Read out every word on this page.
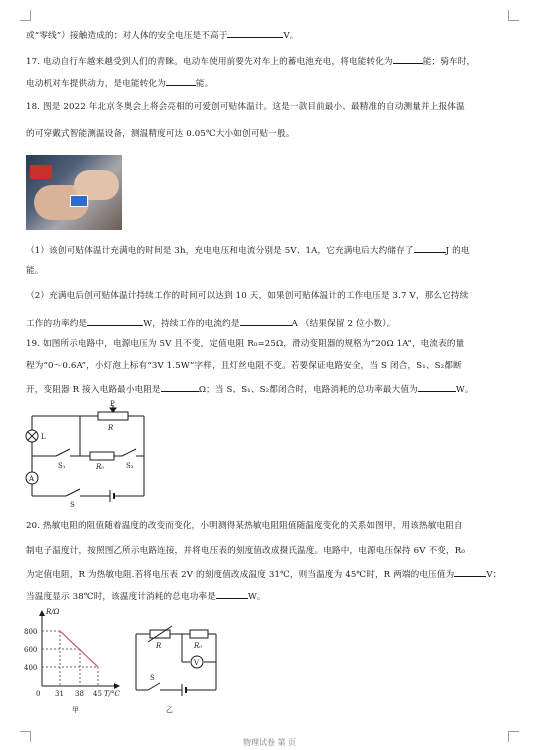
或“零线”）接触造成的；对人体的安全电压是不高于	V。
17. 电动自行车越来越受到人们的青睐。电动车使用前要先对车上的蓄电池充电，将电能转化为	能；骑车时，
电动机对车提供动力，是电能转化为	能。
18. 图是 2022 年北京冬奥会上将会亮相的可爱创可贴体温计。这是一款目前最小、最精准的自动测量并上报体温
的可穿戴式智能测温设备，测温精度可达 0.05℃大小如创可贴一般。
（1）该创可贴体温计充满电的时间是 3h，充电电压和电流分别是 5V、1A，它充满电后大约储存了	J 的电
能。
（2）充满电后创可贴体温计持续工作的时间可以达到 10 天，如果创可贴体温计的工作电压是 3.7 V，那么它持续
工作的功率约是	W，持续工作的电流约是	A （结果保留 2 位小数）。
19. 如图所示电路中，电源电压为 5V 且不变，定值电阻 R₀=25Ω，滑动变阻器的规格为“20Ω 1A”，电流表的量
程为“0～0.6A”，小灯泡上标有“3V 1.5W”字样，且灯丝电阻不变。若要保证电路安全，当 S 闭合，S₁、S₂都断
开，变阻器 R 接入电路最小电阻是	Ω；当 S、S₁、S₂都闭合时，电路消耗的总功率最大值为	W。
P
R
L
S₁	R₀	S₂
A
S
20. 热敏电阻的阻值随着温度的改变而变化，小明测得某热敏电阻阻值随温度变化的关系如图甲，用该热敏电阻自
制电子温度计，按照图乙所示电路连接，并将电压表的刻度值改成摄氏温度。电路中，电源电压保持 6V 不变，R₀
为定值电阻，R 为热敏电阻.若将电压表 2V 的刻度值改成温度 31℃，则当温度为 45℃时，R 两端的电压值为	V；
当温度显示 38℃时，该温度计消耗的总电功率是	W。
R/Ω
800
600
400
0 31 38 45 T/°C
甲
R	R₀
V
S
乙
物理试卷 第 页
